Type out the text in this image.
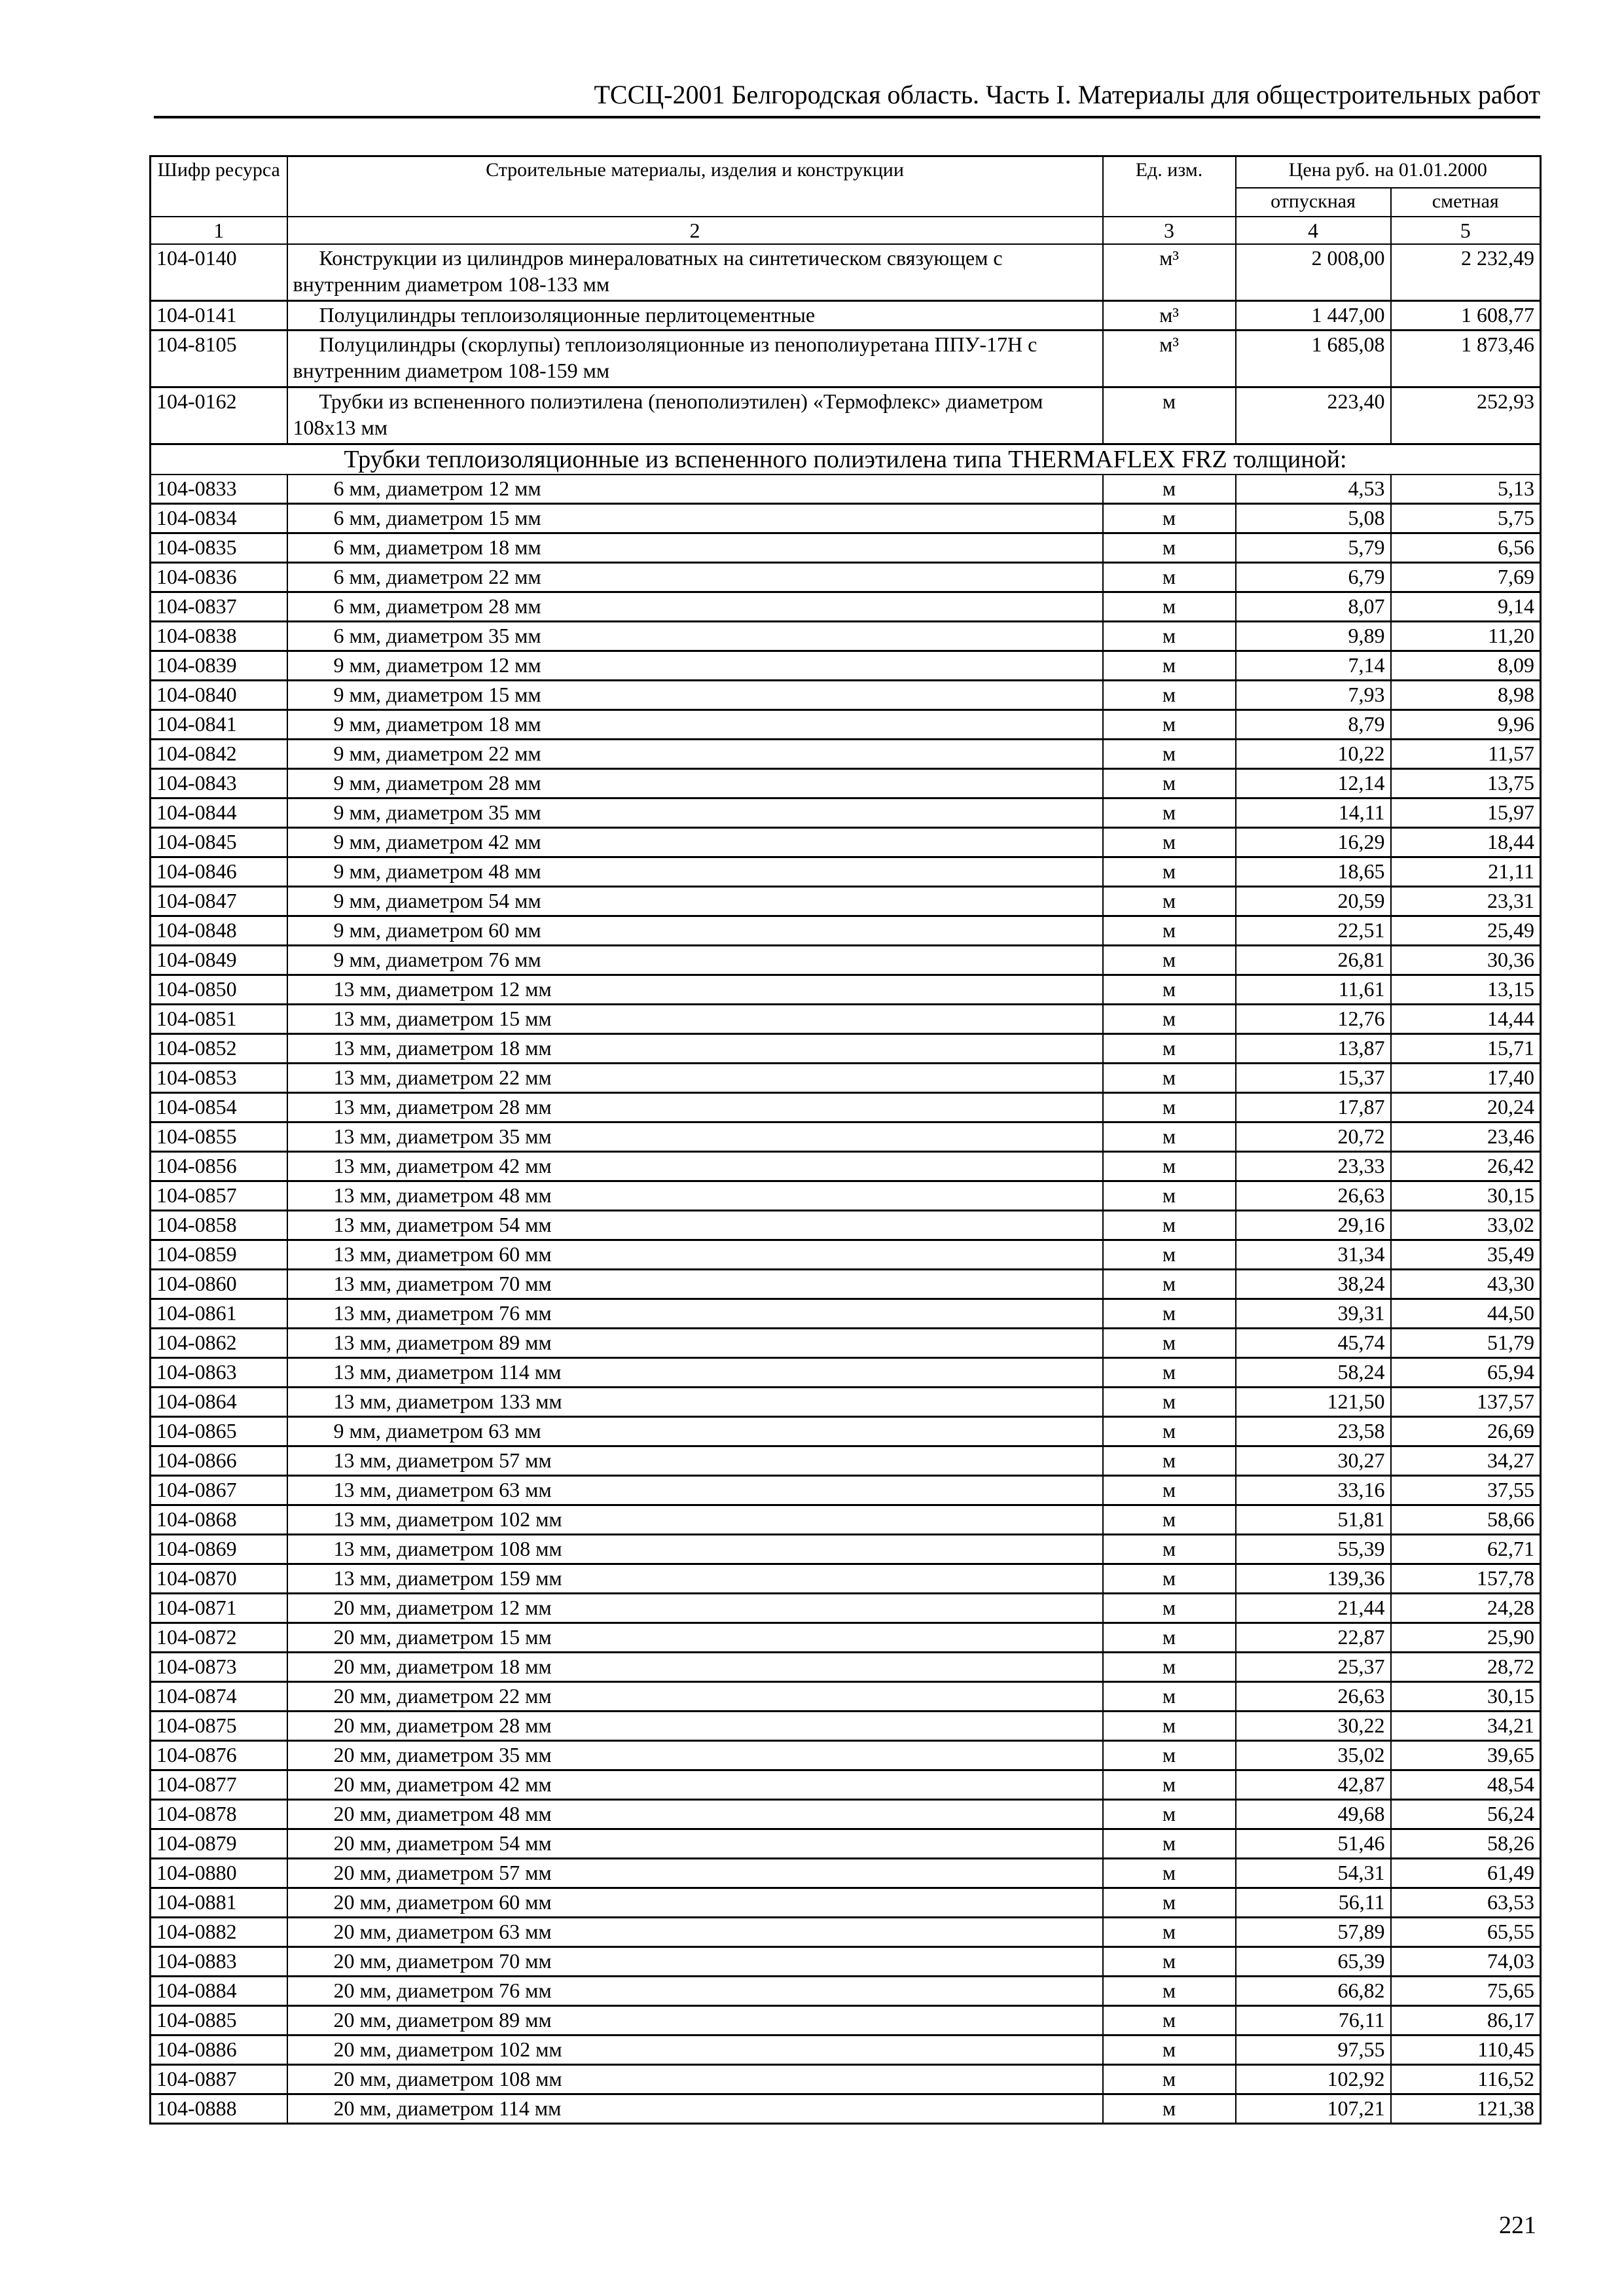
ТССЦ-2001 Белгородская область. Часть I. Материалы для общестроительных работ
Шифр ресурса	Строительные материалы, изделия и конструкции	Ед. изм.	Цена руб. на 01.01.2000	
			отпускная	сметная
1	2	3	4	5
104-0140	Конструкции из цилиндров минераловатных на синтетическом связующем с внутренним диаметром 108-133 мм	м³	2 008,00	2 232,49
104-0141	Полуцилиндры теплоизоляционные перлитоцементные	м³	1 447,00	1 608,77
104-8105	Полуцилиндры (скорлупы) теплоизоляционные из пенополиуретана ППУ-17Н с внутренним диаметром 108-159 мм	м³	1 685,08	1 873,46
104-0162	Трубки из вспененного полиэтилена (пенополиэтилен) «Термофлекс» диаметром 108x13 мм	м	223,40	252,93
Трубки теплоизоляционные из вспененного полиэтилена типа THERMAFLEX FRZ толщиной:				
104-0833	6 мм, диаметром 12 мм	м	4,53	5,13
104-0834	6 мм, диаметром 15 мм	м	5,08	5,75
104-0835	6 мм, диаметром 18 мм	м	5,79	6,56
104-0836	6 мм, диаметром 22 мм	м	6,79	7,69
104-0837	6 мм, диаметром 28 мм	м	8,07	9,14
104-0838	6 мм, диаметром 35 мм	м	9,89	11,20
104-0839	9 мм, диаметром 12 мм	м	7,14	8,09
104-0840	9 мм, диаметром 15 мм	м	7,93	8,98
104-0841	9 мм, диаметром 18 мм	м	8,79	9,96
104-0842	9 мм, диаметром 22 мм	м	10,22	11,57
104-0843	9 мм, диаметром 28 мм	м	12,14	13,75
104-0844	9 мм, диаметром 35 мм	м	14,11	15,97
104-0845	9 мм, диаметром 42 мм	м	16,29	18,44
104-0846	9 мм, диаметром 48 мм	м	18,65	21,11
104-0847	9 мм, диаметром 54 мм	м	20,59	23,31
104-0848	9 мм, диаметром 60 мм	м	22,51	25,49
104-0849	9 мм, диаметром 76 мм	м	26,81	30,36
104-0850	13 мм, диаметром 12 мм	м	11,61	13,15
104-0851	13 мм, диаметром 15 мм	м	12,76	14,44
104-0852	13 мм, диаметром 18 мм	м	13,87	15,71
104-0853	13 мм, диаметром 22 мм	м	15,37	17,40
104-0854	13 мм, диаметром 28 мм	м	17,87	20,24
104-0855	13 мм, диаметром 35 мм	м	20,72	23,46
104-0856	13 мм, диаметром 42 мм	м	23,33	26,42
104-0857	13 мм, диаметром 48 мм	м	26,63	30,15
104-0858	13 мм, диаметром 54 мм	м	29,16	33,02
104-0859	13 мм, диаметром 60 мм	м	31,34	35,49
104-0860	13 мм, диаметром 70 мм	м	38,24	43,30
104-0861	13 мм, диаметром 76 мм	м	39,31	44,50
104-0862	13 мм, диаметром 89 мм	м	45,74	51,79
104-0863	13 мм, диаметром 114 мм	м	58,24	65,94
104-0864	13 мм, диаметром 133 мм	м	121,50	137,57
104-0865	9 мм, диаметром 63 мм	м	23,58	26,69
104-0866	13 мм, диаметром 57 мм	м	30,27	34,27
104-0867	13 мм, диаметром 63 мм	м	33,16	37,55
104-0868	13 мм, диаметром 102 мм	м	51,81	58,66
104-0869	13 мм, диаметром 108 мм	м	55,39	62,71
104-0870	13 мм, диаметром 159 мм	м	139,36	157,78
104-0871	20 мм, диаметром 12 мм	м	21,44	24,28
104-0872	20 мм, диаметром 15 мм	м	22,87	25,90
104-0873	20 мм, диаметром 18 мм	м	25,37	28,72
104-0874	20 мм, диаметром 22 мм	м	26,63	30,15
104-0875	20 мм, диаметром 28 мм	м	30,22	34,21
104-0876	20 мм, диаметром 35 мм	м	35,02	39,65
104-0877	20 мм, диаметром 42 мм	м	42,87	48,54
104-0878	20 мм, диаметром 48 мм	м	49,68	56,24
104-0879	20 мм, диаметром 54 мм	м	51,46	58,26
104-0880	20 мм, диаметром 57 мм	м	54,31	61,49
104-0881	20 мм, диаметром 60 мм	м	56,11	63,53
104-0882	20 мм, диаметром 63 мм	м	57,89	65,55
104-0883	20 мм, диаметром 70 мм	м	65,39	74,03
104-0884	20 мм, диаметром 76 мм	м	66,82	75,65
104-0885	20 мм, диаметром 89 мм	м	76,11	86,17
104-0886	20 мм, диаметром 102 мм	м	97,55	110,45
104-0887	20 мм, диаметром 108 мм	м	102,92	116,52
104-0888	20 мм, диаметром 114 мм	м	107,21	121,38
221
